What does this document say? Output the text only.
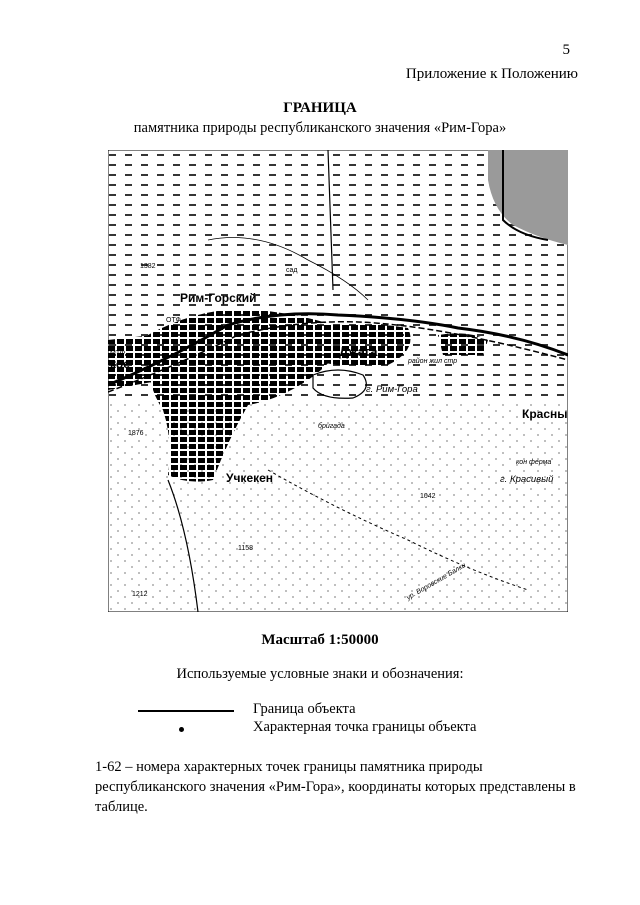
5
Приложение к Положению
ГРАНИЦА
памятника природы республиканского значения «Рим-Гора»
Рим-Горский
Джага
г. Рим-Гора
Учкекен
Красны
г. Красивый
кое
ОТФ
МТФ
сад
район жил стр
кон ферма
бригада
ур. Воровские Балки
1382
1876
1158
1212
1042
Масштаб 1:50000
Используемые условные знаки и обозначения:
Граница объекта
Характерная точка границы объекта
1-62 – номера характерных точек границы памятника природы республиканского значения «Рим-Гора», координаты которых представлены в таблице.
